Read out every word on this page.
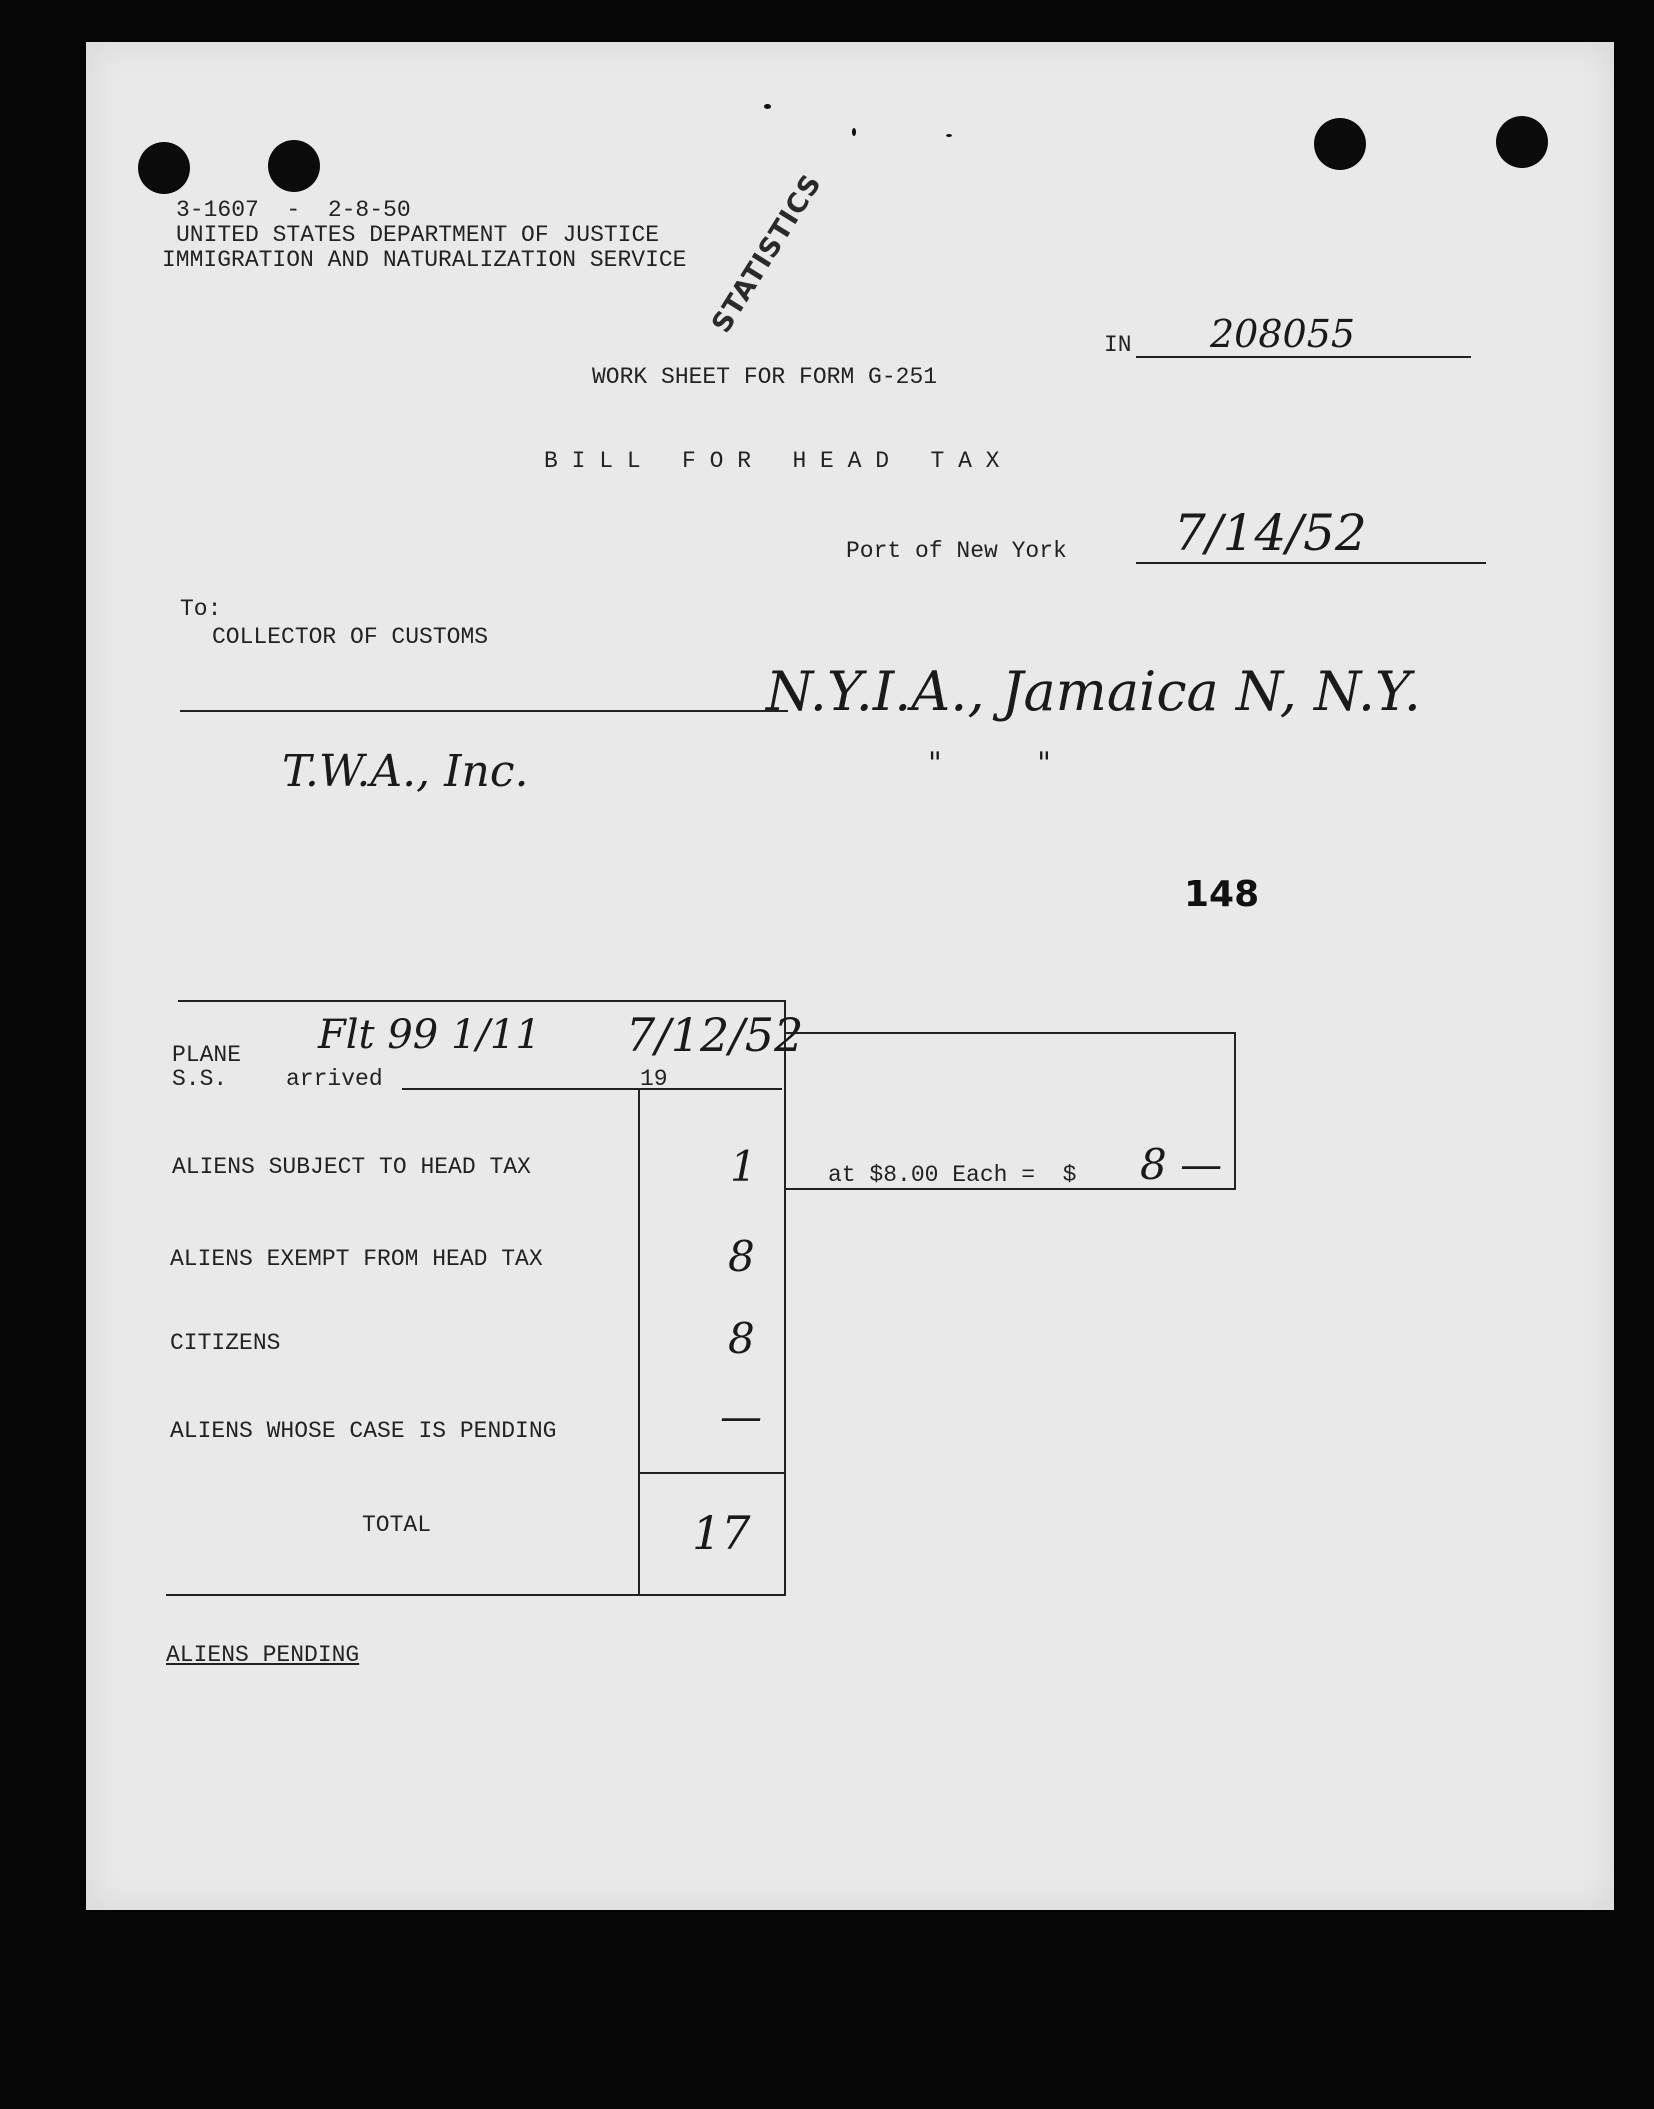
3-1607  -  2-8-50
UNITED STATES DEPARTMENT OF JUSTICE
IMMIGRATION AND NATURALIZATION SERVICE STATISTICS
IN 208055
WORK SHEET FOR FORM G-251
B I L L   F O R   H E A D   T A X
Port of New York 7/14/52
To:
COLLECTOR OF CUSTOMS
N.Y.I.A., Jamaica N, N.Y.
T.W.A., Inc.	"          "
148
at $8.00 Each =  $ 8 —
PLANE
S.S.	arrived
Flt 99 1/11
19
7/12/52
ALIENS SUBJECT TO HEAD TAX	1
ALIENS EXEMPT FROM HEAD TAX	8
CITIZENS	8
ALIENS WHOSE CASE IS PENDING	—
TOTAL	17
ALIENS PENDING
